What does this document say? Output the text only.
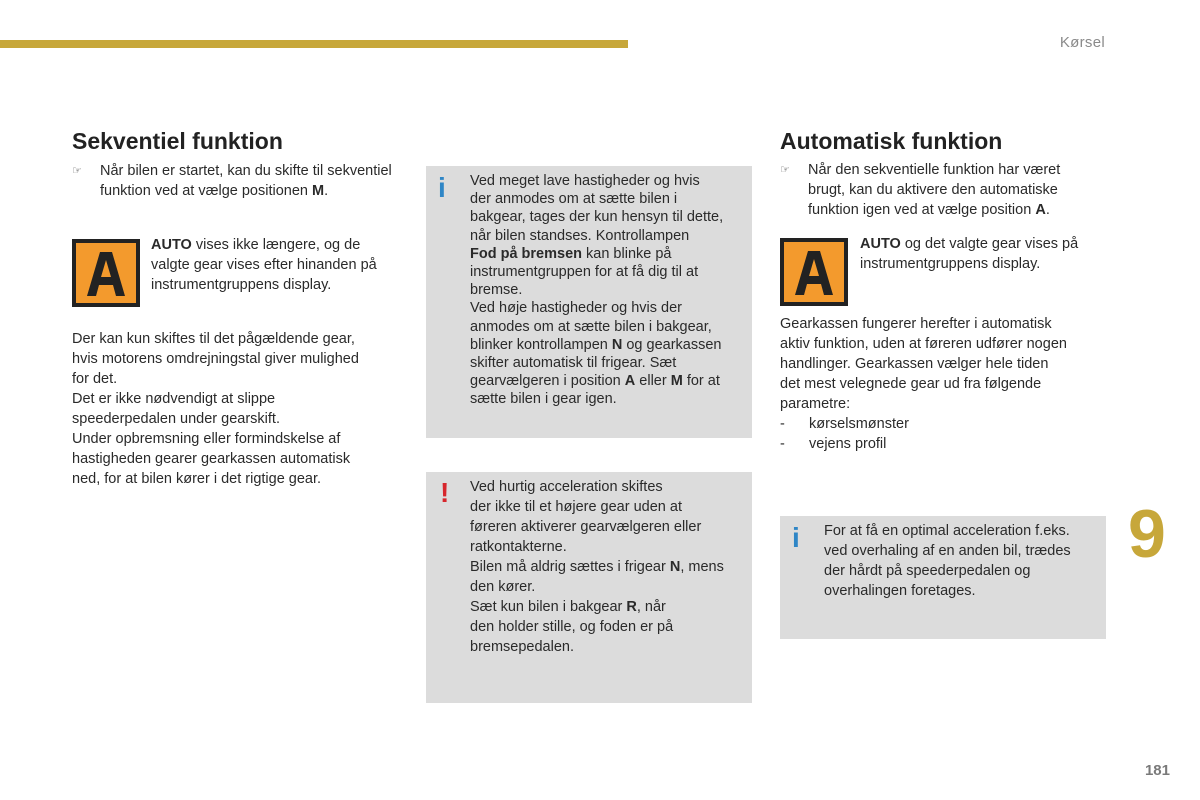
Kørsel
Sekventiel funktion
☞	Når bilen er startet, kan du skifte til sekventiel
funktion ved at vælge positionen M.
AUTO vises ikke længere, og de
valgte gear vises efter hinanden på
instrumentgruppens display.
Der kan kun skiftes til det pågældende gear,
hvis motorens omdrejningstal giver mulighed
for det.
Det er ikke nødvendigt at slippe
speederpedalen under gearskift.
Under opbremsning eller formindskelse af
hastigheden gearer gearkassen automatisk
ned, for at bilen kører i det rigtige gear.
i Ved meget lave hastigheder og hvis
der anmodes om at sætte bilen i
bakgear, tages der kun hensyn til dette,
når bilen standses. Kontrollampen
Fod på bremsen kan blinke på
instrumentgruppen for at få dig til at
bremse.
Ved høje hastigheder og hvis der
anmodes om at sætte bilen i bakgear,
blinker kontrollampen N og gearkassen
skifter automatisk til frigear. Sæt
gearvælgeren i position A eller M for at
sætte bilen i gear igen.
! Ved hurtig acceleration skiftes
der ikke til et højere gear uden at
føreren aktiverer gearvælgeren eller
ratkontakterne.
Bilen må aldrig sættes i frigear N, mens
den kører.
Sæt kun bilen i bakgear R, når
den holder stille, og foden er på
bremsepedalen.
Automatisk funktion
☞	Når den sekventielle funktion har været
brugt, kan du aktivere den automatiske
funktion igen ved at vælge position A.
AUTO og det valgte gear vises på
instrumentgruppens display.
Gearkassen fungerer herefter i automatisk
aktiv funktion, uden at føreren udfører nogen
handlinger. Gearkassen vælger hele tiden
det mest velegnede gear ud fra følgende
parametre:
- kørselsmønster
- vejens profil
i For at få en optimal acceleration f.eks.
ved overhaling af en anden bil, trædes
der hårdt på speederpedalen og
overhalingen foretages.
9
181
